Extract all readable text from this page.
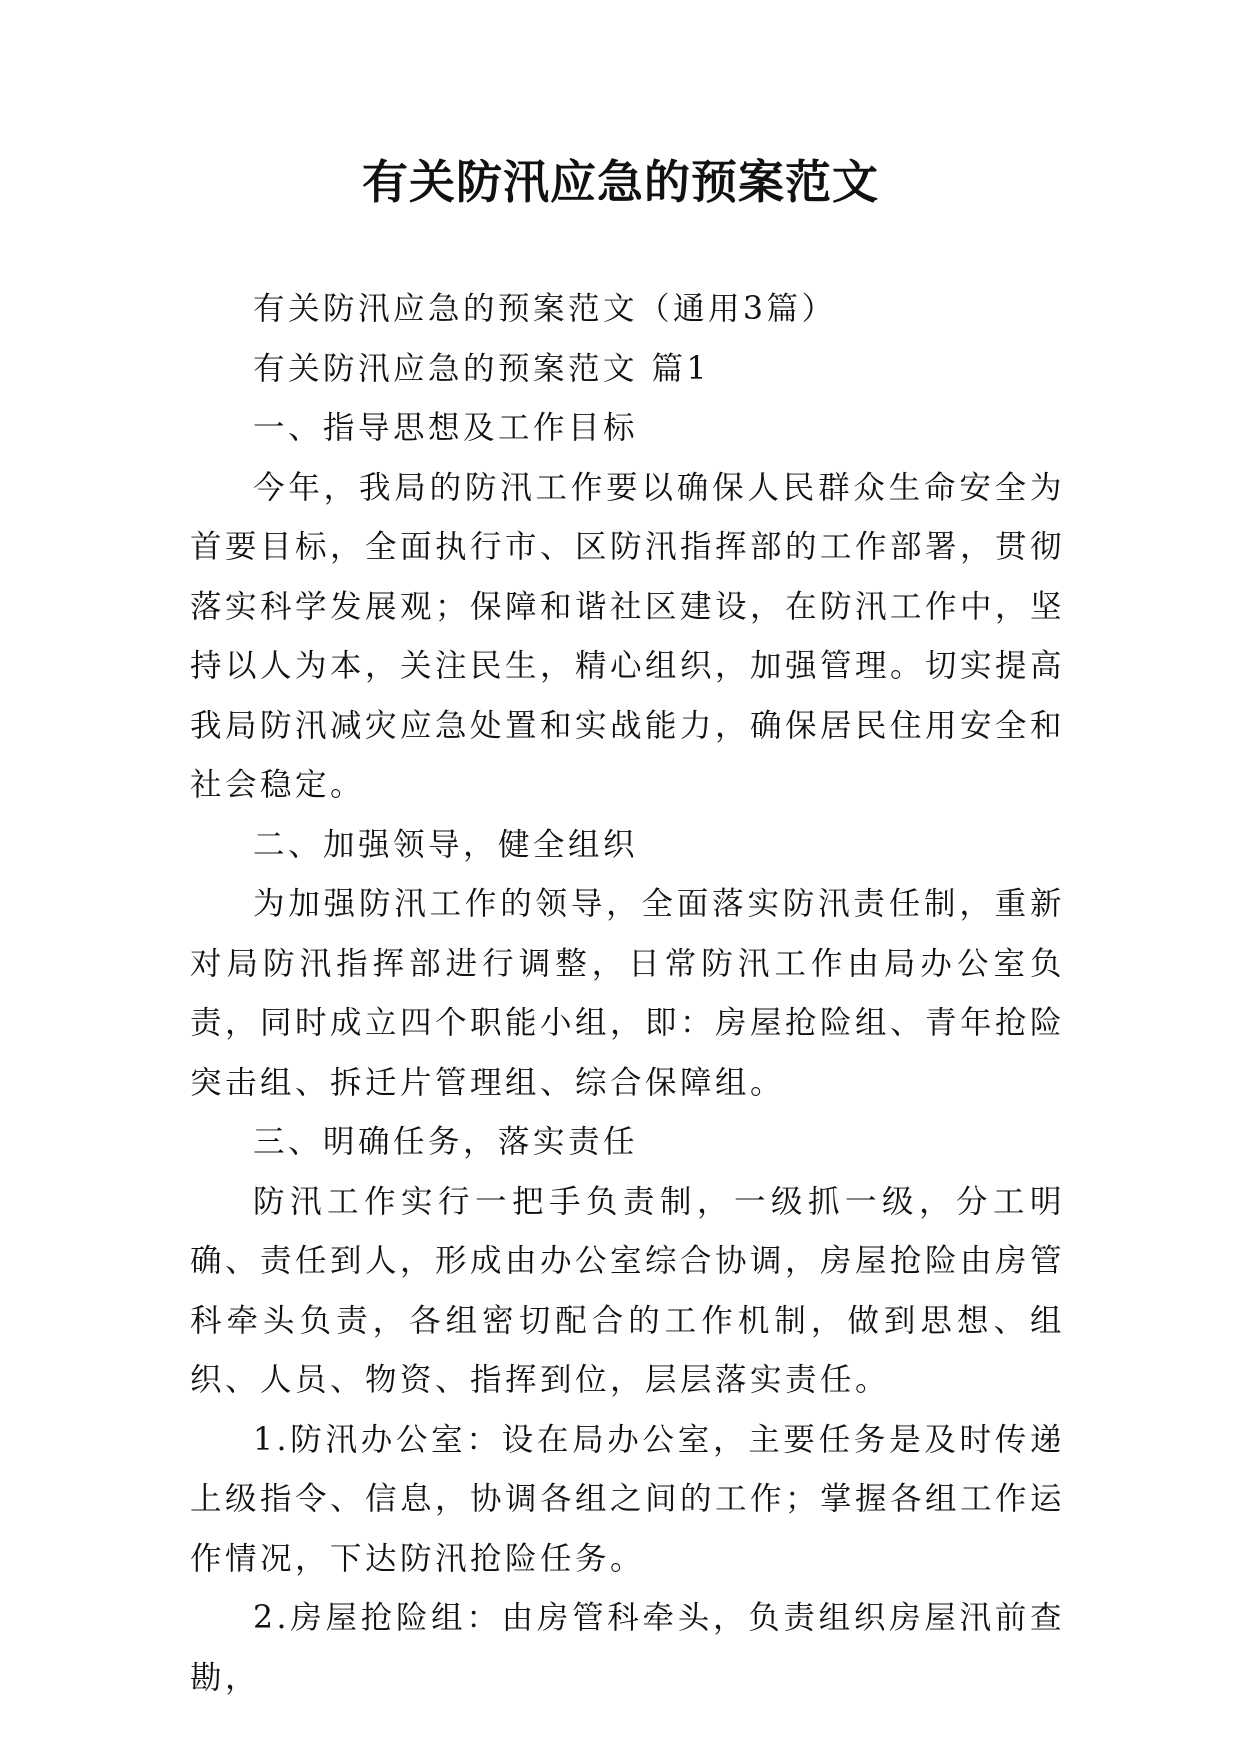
有关防汛应急的预案范文

有关防汛应急的预案范文（通用3篇）

有关防汛应急的预案范文 篇1

一、指导思想及工作目标

今年，我局的防汛工作要以确保人民群众生命安全为首要目标，全面执行市、区防汛指挥部的工作部署，贯彻落实科学发展观；保障和谐社区建设，在防汛工作中，坚持以人为本，关注民生，精心组织，加强管理。切实提高我局防汛减灾应急处置和实战能力，确保居民住用安全和社会稳定。

二、加强领导，健全组织

为加强防汛工作的领导，全面落实防汛责任制，重新对局防汛指挥部进行调整，日常防汛工作由局办公室负责，同时成立四个职能小组，即：房屋抢险组、青年抢险突击组、拆迁片管理组、综合保障组。

三、明确任务，落实责任

防汛工作实行一把手负责制，一级抓一级，分工明确、责任到人，形成由办公室综合协调，房屋抢险由房管科牵头负责，各组密切配合的工作机制，做到思想、组织、人员、物资、指挥到位，层层落实责任。

1.防汛办公室：设在局办公室，主要任务是及时传递上级指令、信息，协调各组之间的工作；掌握各组工作运作情况，下达防汛抢险任务。

2.房屋抢险组：由房管科牵头，负责组织房屋汛前查勘，
